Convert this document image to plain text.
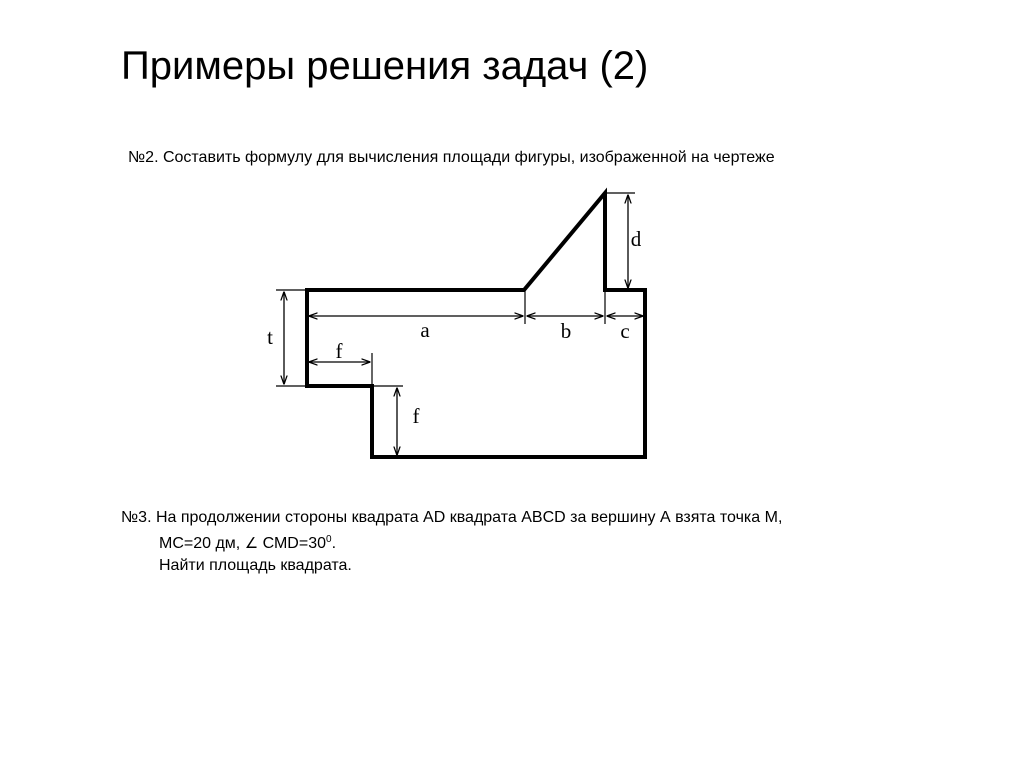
Примеры решения задач (2)
№2. Составить формулу для вычисления площади фигуры, изображенной на чертеже
a	b c
d
t
f
f
№3. На продолжении стороны квадрата AD квадрата ABCD за вершину А взята точка М,
МС=20 дм, ∠ $СМD=30^0$.
Найти площадь квадрата.
